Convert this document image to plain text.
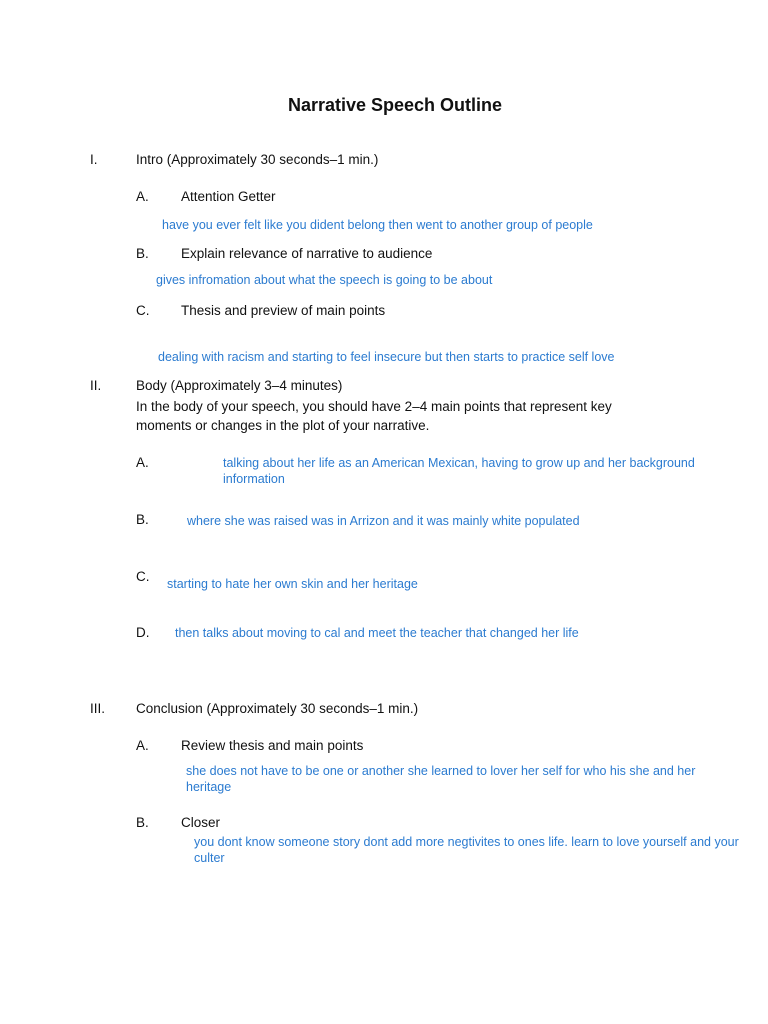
Narrative Speech Outline
I.	Intro (Approximately 30 seconds–1 min.)
A. Attention Getter
have you ever felt like you dident belong then went to another group of people
B. Explain relevance of narrative to audience
gives infromation about what the speech is going to be about
C. Thesis and preview of main points
dealing with racism and starting to feel insecure but then starts to practice self love
II.	Body (Approximately 3–4 minutes)
In the body of your speech, you should have 2–4 main points that represent key moments or changes in the plot of your narrative.
A.	talking about her life as an American Mexican, having to grow up and her background information
B.	where she was raised was in Arrizon and it was mainly white populated
C. starting to hate her own skin and her heritage
D. then talks about moving to cal and meet the teacher that changed her life
III. Conclusion (Approximately 30 seconds–1 min.)
A. Review thesis and main points
she does not have to be one or another she learned to lover her self for who his she and her heritage
B. Closer
you dont know someone story dont add more negtivites to ones life. learn to love yourself and your culter
